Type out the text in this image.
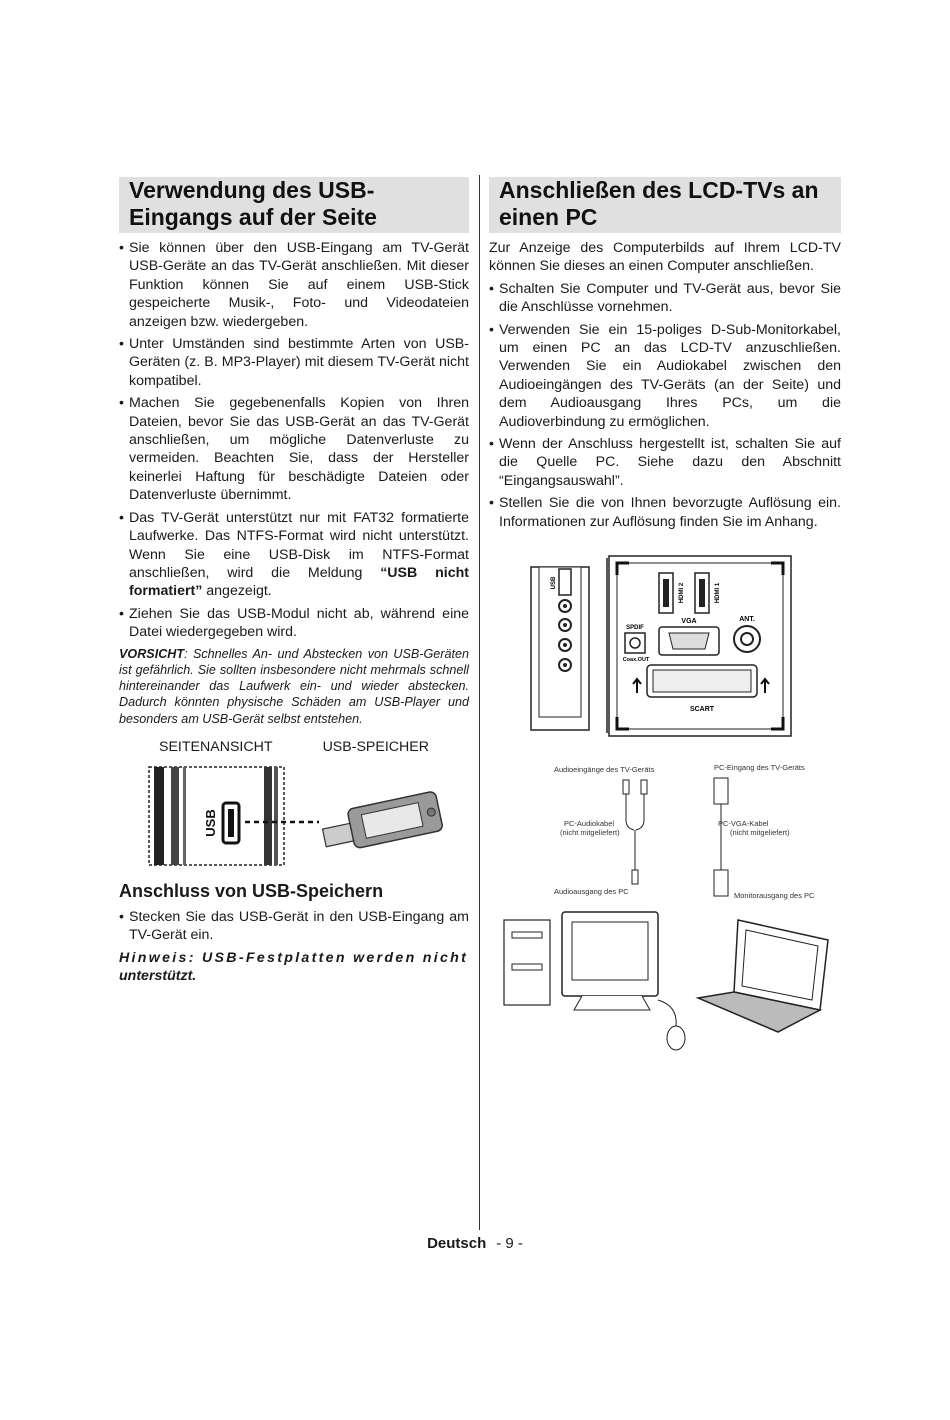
Verwendung des USB-Eingangs auf der Seite
• Sie können über den USB-Eingang am TV-Gerät USB-Geräte an das TV-Gerät anschließen. Mit dieser Funktion können Sie auf einem USB-Stick gespeicherte Musik-, Foto- und Videodateien anzeigen bzw. wiedergeben.
• Unter Umständen sind bestimmte Arten von USB-Geräten (z. B. MP3-Player) mit diesem TV-Gerät nicht kompatibel.
• Machen Sie gegebenenfalls Kopien von Ihren Dateien, bevor Sie das USB-Gerät an das TV-Gerät anschließen, um mögliche Datenverluste zu vermeiden. Beachten Sie, dass der Hersteller keinerlei Haftung für beschädigte Dateien oder Datenverluste übernimmt.
• Das TV-Gerät unterstützt nur mit FAT32 formatierte Laufwerke. Das NTFS-Format wird nicht unterstützt. Wenn Sie eine USB-Disk im NTFS-Format anschließen, wird die Meldung “USB nicht formatiert” angezeigt.
• Ziehen Sie das USB-Modul nicht ab, während eine Datei wiedergegeben wird.

VORSICHT: Schnelles An- und Abstecken von USB-Geräten ist gefährlich. Sie sollten insbesondere nicht mehrmals schnell hintereinander das Laufwerk ein- und wieder abstecken. Dadurch könnten physische Schäden am USB-Player und besonders am USB-Gerät selbst entstehen.

SEITENANSICHT	USB-SPEICHER
USB
Anschluss von USB-Speichern
• Stecken Sie das USB-Gerät in den USB-Eingang am TV-Gerät ein.
Hinweis: USB-Festplatten werden nicht
unterstützt.
Anschließen des LCD-TVs an einen PC

Zur Anzeige des Computerbilds auf Ihrem LCD-TV können Sie dieses an einen Computer anschließen.

• Schalten Sie Computer und TV-Gerät aus, bevor Sie die Anschlüsse vornehmen.
• Verwenden Sie ein 15-poliges D-Sub-Monitorkabel, um einen PC an das LCD-TV anzuschließen. Verwenden Sie ein Audiokabel zwischen den Audioeingängen des TV-Geräts (an der Seite) und dem Audioausgang Ihres PCs, um die Audioverbindung zu ermöglichen.
• Wenn der Anschluss hergestellt ist, schalten Sie auf die Quelle PC. Siehe dazu den Abschnitt “Eingangsauswahl”.
• Stellen Sie die von Ihnen bevorzugte Auflösung ein. Informationen zur Auflösung finden Sie im Anhang.
USB	HDMI 2	HDMI 1
VGA	ANT.
SPDIF
Coax.OUT
SCART
Audioeingänge des TV-Geräts	PC-Eingang des TV-Geräts
PC-Audiokabel
(nicht mitgeliefert)
Audioausgang des PC
PC-VGA-Kabel
(nicht mitgeliefert)
Monitorausgang des PC
Deutsch - 9 -
